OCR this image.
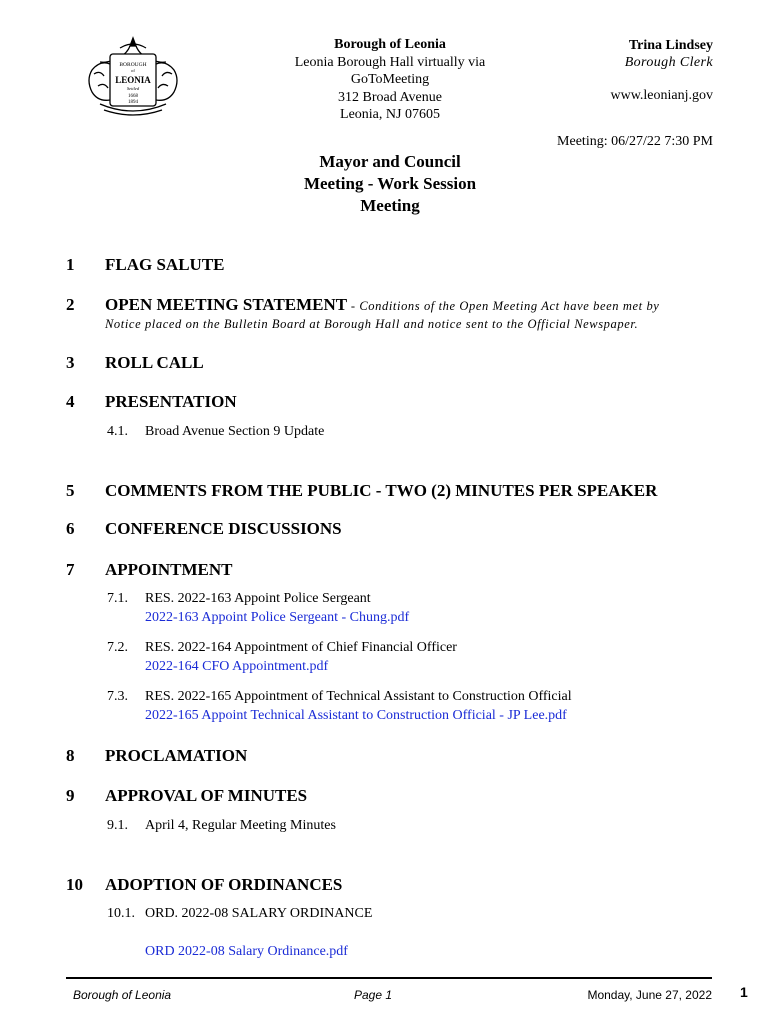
BOROUGH
of
LEONIA
Settled
1668
1894
Borough of Leonia
Leonia Borough Hall virtually via
GoToMeeting
312 Broad Avenue
Leonia, NJ 07605
Trina Lindsey
Borough Clerk
www.leonianj.gov
Meeting: 06/27/22 7:30 PM
Mayor and Council
Meeting - Work Session
Meeting
1 FLAG SALUTE
2 OPEN MEETING STATEMENT - Conditions of the Open Meeting Act have been met by
Notice placed on the Bulletin Board at Borough Hall and notice sent to the Official Newspaper.
3 ROLL CALL
4 PRESENTATION
4.1. Broad Avenue Section 9 Update
5 COMMENTS FROM THE PUBLIC - TWO (2) MINUTES PER SPEAKER
6 CONFERENCE DISCUSSIONS
7 APPOINTMENT
7.1. RES. 2022-163 Appoint Police Sergeant
2022-163 Appoint Police Sergeant - Chung.pdf
7.2. RES. 2022-164 Appointment of Chief Financial Officer
2022-164 CFO Appointment.pdf
7.3. RES. 2022-165 Appointment of Technical Assistant to Construction Official
2022-165 Appoint Technical Assistant to Construction Official - JP Lee.pdf
8 PROCLAMATION
9 APPROVAL OF MINUTES
9.1. April 4, Regular Meeting Minutes
10 ADOPTION OF ORDINANCES
10.1. ORD. 2022-08 SALARY ORDINANCE
ORD 2022-08 Salary Ordinance.pdf
Borough of Leonia	Page 1	Monday, June 27, 2022 1
